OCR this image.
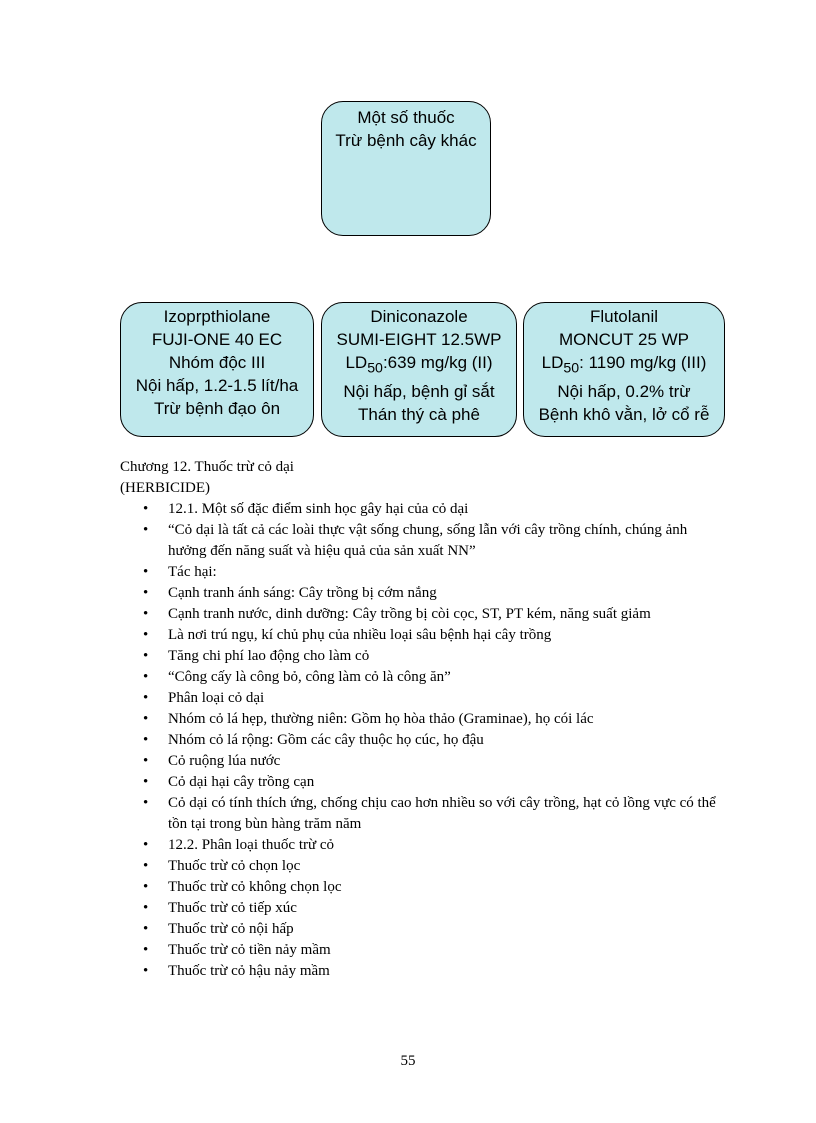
Một số thuốc
Trừ bệnh cây khác
Izoprpthiolane
FUJI-ONE 40 EC
Nhóm độc III
Nội hấp, 1.2-1.5 lít/ha
Trừ bệnh đạo ôn
Diniconazole
SUMI-EIGHT 12.5WP
$LD_{50}:639$ mg/kg (II)
Nội hấp, bệnh gỉ sắt
Thán thý cà phê
Flutolanil
MONCUT 25 WP
$LD_{50}$: 1190 mg/kg (III)
Nội hấp, 0.2% trừ
Bệnh khô vằn, lở cổ rễ
Chương 12. Thuốc trừ cỏ dại
(HERBICIDE)
• 12.1. Một số đặc điểm sinh học gây hại của cỏ dại
• “Cỏ dại là tất cả các loài thực vật sống chung, sống lẫn với cây trồng chính, chúng ảnh hưởng đến năng suất và hiệu quả của sản xuất NN”
• Tác hại:
• Cạnh tranh ánh sáng: Cây trồng bị cớm nắng
• Cạnh tranh nước, dinh dưỡng: Cây trồng bị còi cọc, ST, PT kém, năng suất giảm
• Là nơi trú ngụ, kí chủ phụ của nhiều loại sâu bệnh hại cây trồng
• Tăng chi phí lao động cho làm cỏ
• “Công cấy là công bỏ, công làm cỏ là công ăn”
• Phân loại cỏ dại
• Nhóm cỏ lá hẹp, thường niên: Gồm họ hòa thảo (Graminae), họ cói lác
• Nhóm cỏ lá rộng: Gồm các cây thuộc họ cúc, họ đậu
• Cỏ ruộng lúa nước
• Cỏ dại hại cây trồng cạn
• Cỏ dại có tính thích ứng, chống chịu cao hơn nhiều so với cây trồng, hạt cỏ lồng vực có thể tồn tại trong bùn hàng trăm năm
• 12.2. Phân loại thuốc trừ cỏ
• Thuốc trừ cỏ chọn lọc
• Thuốc trừ cỏ không chọn lọc
• Thuốc trừ cỏ tiếp xúc
• Thuốc trừ cỏ nội hấp
• Thuốc trừ cỏ tiền nảy mầm
• Thuốc trừ cỏ hậu nảy mầm
55
